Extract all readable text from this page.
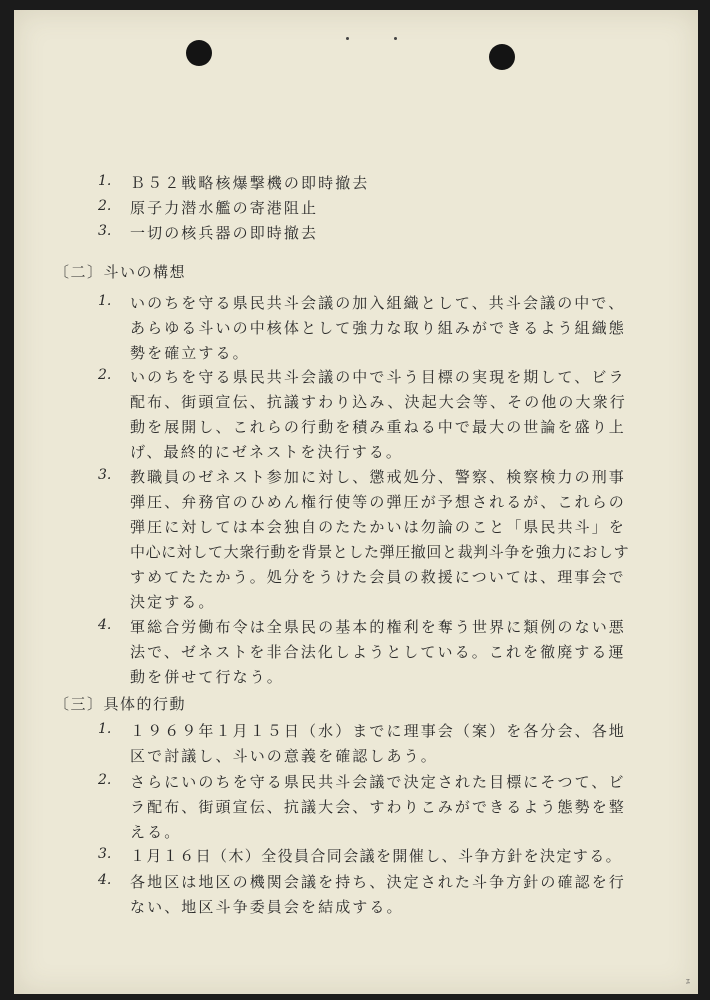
1. Ｂ５２戦略核爆撃機の即時撤去
2. 原子力潜水艦の寄港阻止
3. 一切の核兵器の即時撤去
〔二〕斗いの構想
1. いのちを守る県民共斗会議の加入組織として、共斗会議の中で、
あらゆる斗いの中核体として強力な取り組みができるよう組織態
勢を確立する。
2. いのちを守る県民共斗会議の中で斗う目標の実現を期して、ビラ
配布、街頭宣伝、抗議すわり込み、決起大会等、その他の大衆行
動を展開し、これらの行動を積み重ねる中で最大の世論を盛り上
げ、最終的にゼネストを決行する。
3. 教職員のゼネスト参加に対し、懲戒処分、警察、検察検力の刑事
弾圧、弁務官のひめん権行使等の弾圧が予想されるが、これらの
弾圧に対しては本会独自のたたかいは勿論のこと「県民共斗」を
中心に対して大衆行動を背景とした弾圧撤回と裁判斗争を強力におしす
すめてたたかう。処分をうけた会員の救援については、理事会で
決定する。
4. 軍総合労働布令は全県民の基本的権利を奪う世界に類例のない悪
法で、ゼネストを非合法化しようとしている。これを徹廃する運
動を併せて行なう。
〔三〕具体的行動
1. １９６９年１月１５日（水）までに理事会（案）を各分会、各地
区で討議し、斗いの意義を確認しあう。
2. さらにいのちを守る県民共斗会議で決定された目標にそつて、ビ
ラ配布、街頭宣伝、抗議大会、すわりこみができるよう態勢を整
える。
3. １月１６日（木）全役員合同会議を開催し、斗争方針を決定する。
4. 各地区は地区の機関会議を持ち、決定された斗争方針の確認を行
ない、地区斗争委員会を結成する。
ｴ
